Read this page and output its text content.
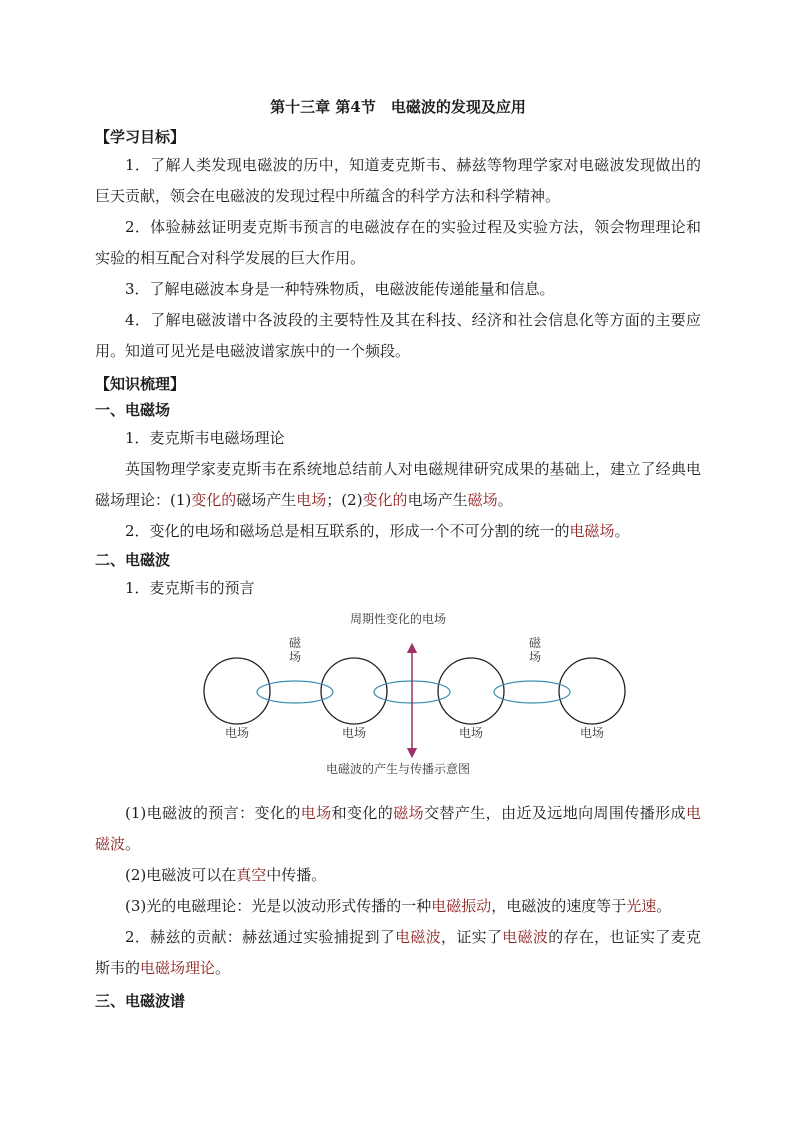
第十三章 第4节　电磁波的发现及应用
【学习目标】

1．了解人类发现电磁波的历中，知道麦克斯韦、赫兹等物理学家对电磁波发现做出的巨天贡献，领会在电磁波的发现过程中所蕴含的科学方法和科学精神。

2．体验赫兹证明麦克斯韦预言的电磁波存在的实验过程及实验方法，领会物理理论和实验的相互配合对科学发展的巨大作用。

3．了解电磁波本身是一种特殊物质，电磁波能传递能量和信息。

4．了解电磁波谱中各波段的主要特性及其在科技、经济和社会信息化等方面的主要应用。知道可见光是电磁波谱家族中的一个频段。

【知识梳理】
一、电磁场

1．麦克斯韦电磁场理论

英国物理学家麦克斯韦在系统地总结前人对电磁规律研究成果的基础上，建立了经典电磁场理论：(1)变化的磁场产生电场；(2)变化的电场产生磁场。

2．变化的电场和磁场总是相互联系的，形成一个不可分割的统一的电磁场。

二、电磁波

1．麦克斯韦的预言

周期性变化的电场
磁场
磁场
电场	电场	电场	电场
电磁波的产生与传播示意图

(1)电磁波的预言：变化的电场和变化的磁场交替产生，由近及远地向周围传播形成电磁波。

(2)电磁波可以在真空中传播。

(3)光的电磁理论：光是以波动形式传播的一种电磁振动，电磁波的速度等于光速。

2．赫兹的贡献：赫兹通过实验捕捉到了电磁波，证实了电磁波的存在，也证实了麦克斯韦的电磁场理论。

三、电磁波谱
